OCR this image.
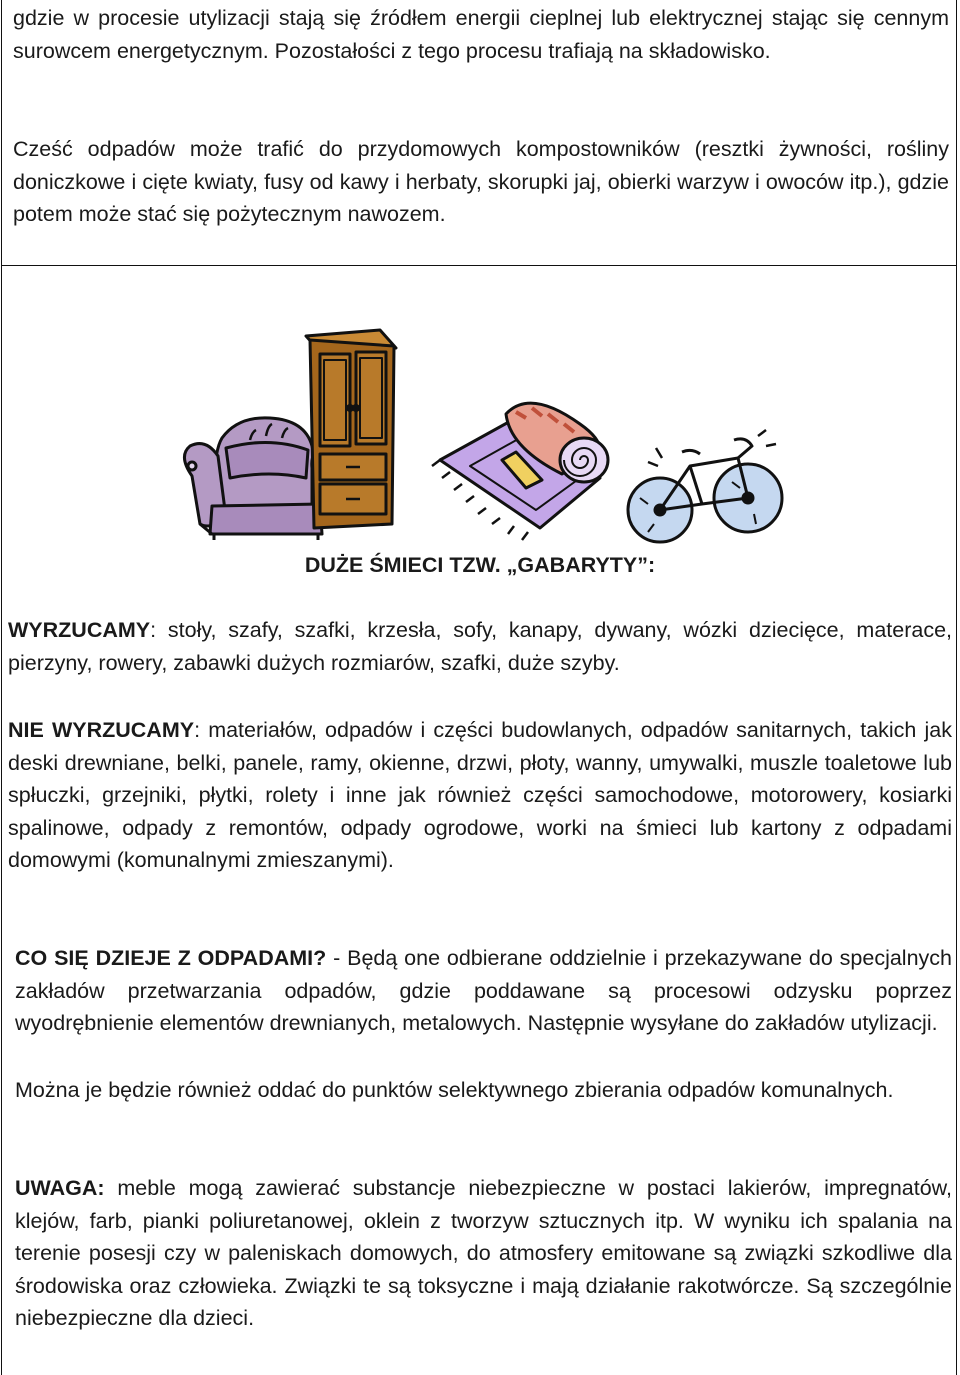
gdzie w procesie utylizacji stają się źródłem energii cieplnej lub elektrycznej stając się cennym surowcem energetycznym. Pozostałości z tego procesu trafiają na składowisko.

Cześć odpadów może trafić do przydomowych kompostowników (resztki żywności, rośliny doniczkowe i cięte kwiaty, fusy od kawy i herbaty, skorupki jaj, obierki warzyw i owoców itp.), gdzie potem może stać się pożytecznym nawozem.

DUŻE ŚMIECI TZW. „GABARYTY”:

WYRZUCAMY: stoły, szafy, szafki, krzesła, sofy, kanapy, dywany, wózki dziecięce, materace, pierzyny, rowery, zabawki dużych rozmiarów, szafki, duże szyby.

NIE WYRZUCAMY: materiałów, odpadów i części budowlanych, odpadów sanitarnych, takich jak deski drewniane, belki, panele, ramy, okienne, drzwi, płoty, wanny, umywalki, muszle toaletowe lub spłuczki, grzejniki, płytki, rolety i inne jak również części samochodowe, motorowery, kosiarki spalinowe, odpady z remontów, odpady ogrodowe, worki na śmieci lub kartony z odpadami domowymi (komunalnymi zmieszanymi).

CO SIĘ DZIEJE Z ODPADAMI? - Będą one odbierane oddzielnie i przekazywane do specjalnych zakładów przetwarzania odpadów, gdzie poddawane są procesowi odzysku poprzez wyodrębnienie elementów drewnianych, metalowych. Następnie wysyłane do zakładów utylizacji.

Można je będzie również oddać do punktów selektywnego zbierania odpadów komunalnych.

UWAGA: meble mogą zawierać substancje niebezpieczne w postaci lakierów, impregnatów, klejów, farb, pianki poliuretanowej, oklein z tworzyw sztucznych itp. W wyniku ich spalania na terenie posesji czy w paleniskach domowych, do atmosfery emitowane są związki szkodliwe dla środowiska oraz człowieka. Związki te są toksyczne i mają działanie rakotwórcze. Są szczególnie niebezpieczne dla dzieci.
